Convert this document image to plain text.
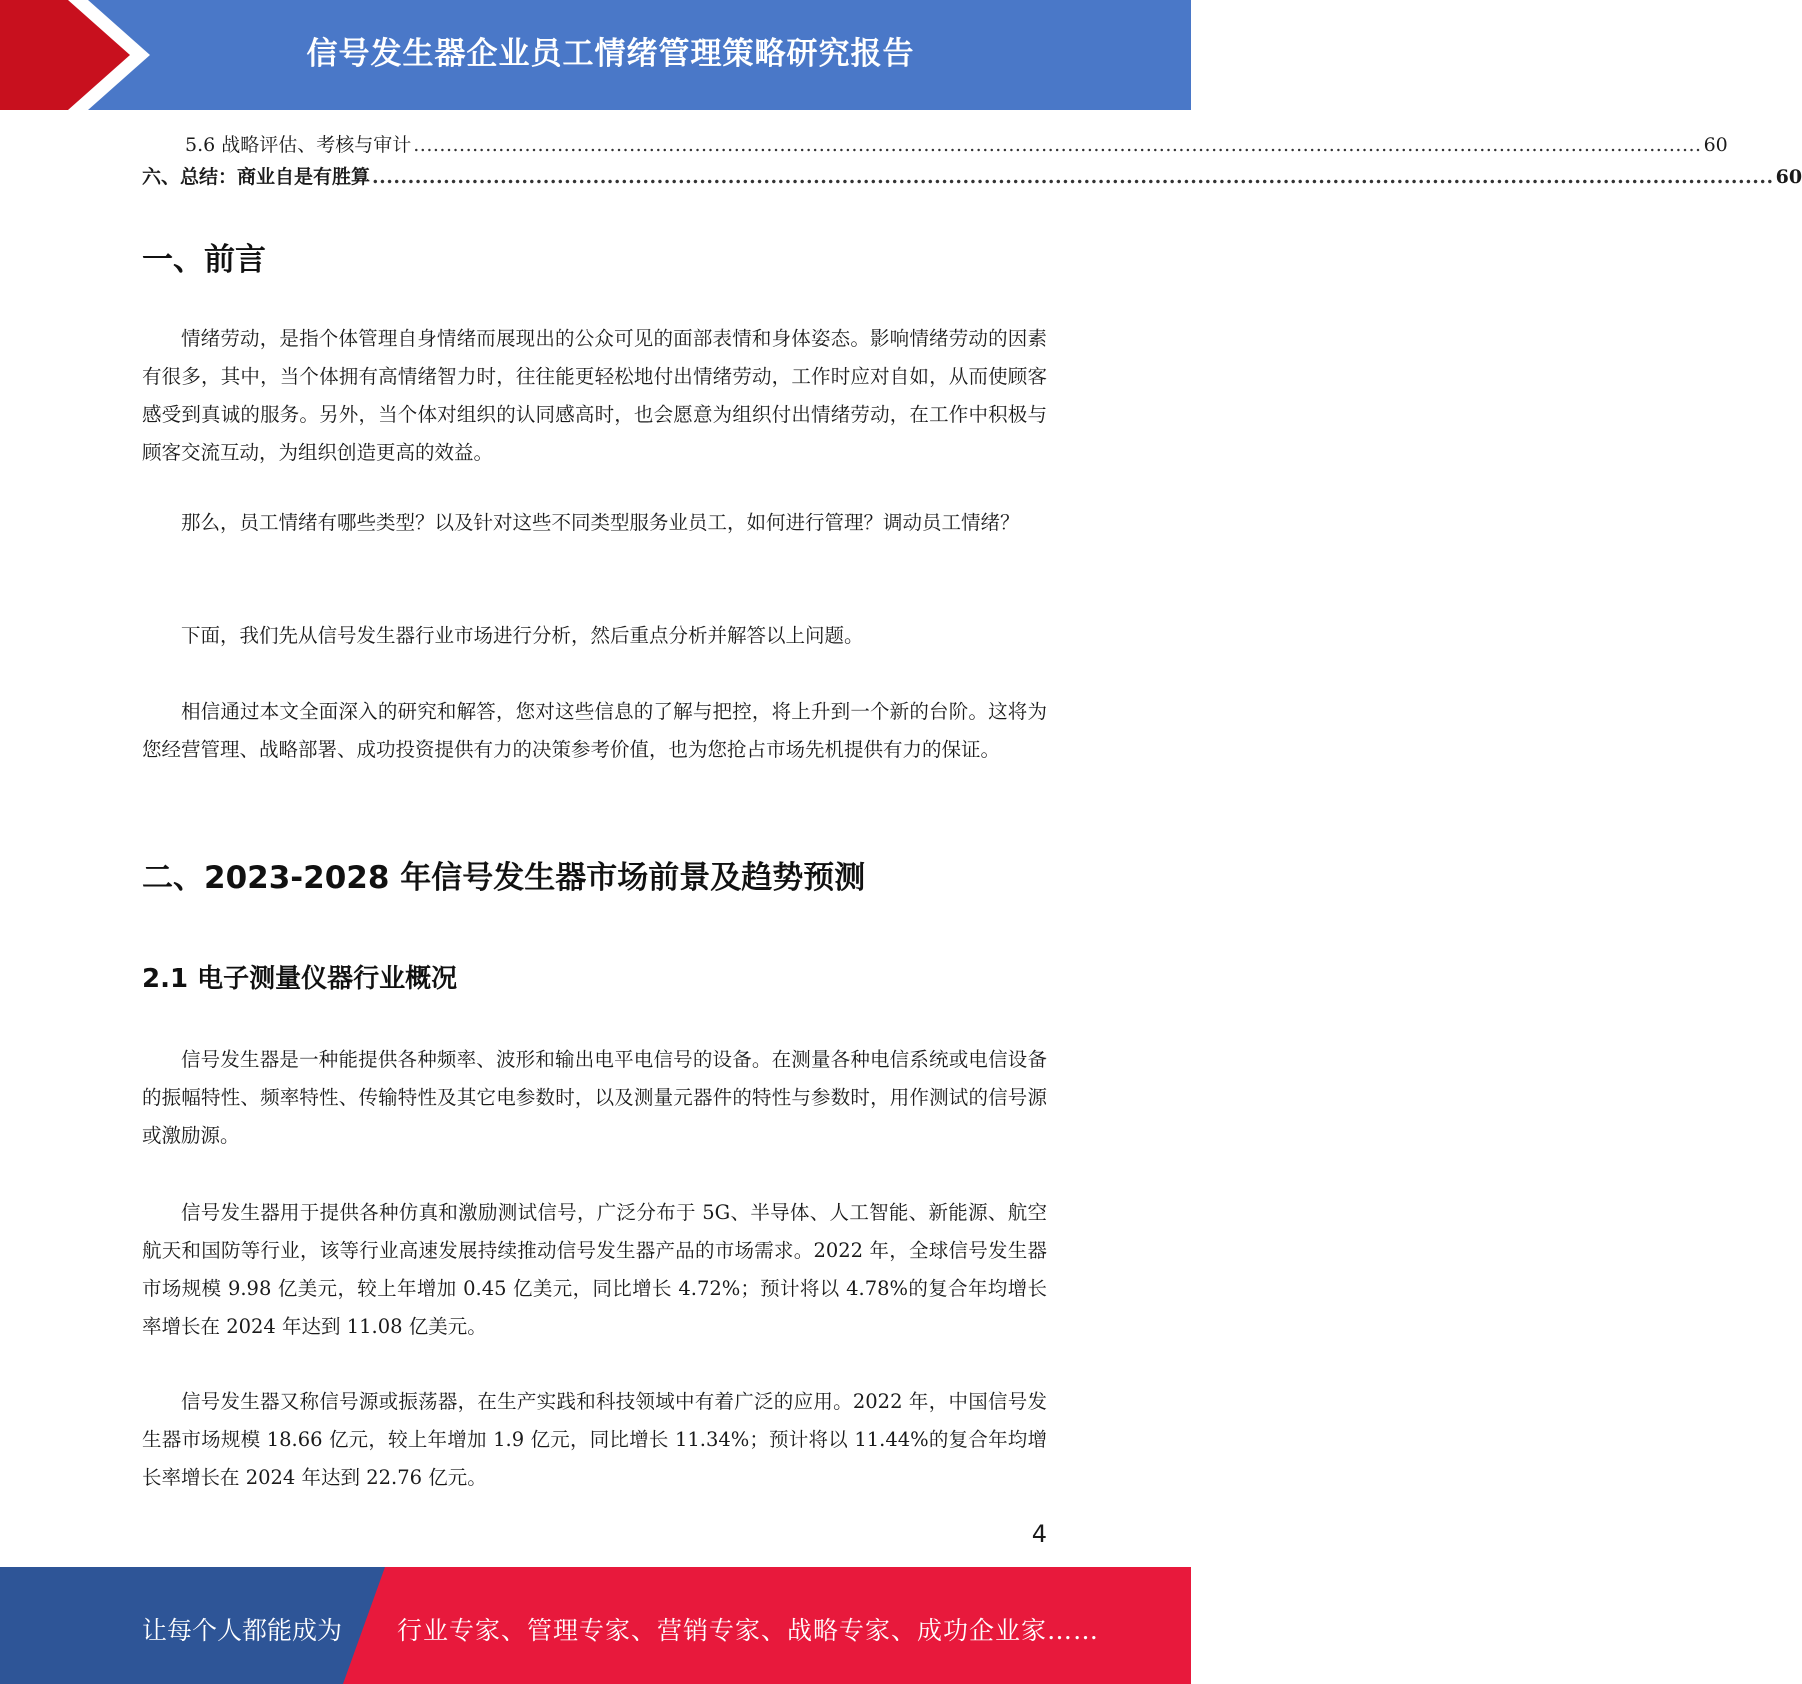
信号发生器企业员工情绪管理策略研究报告
5.6 战略评估、考核与审计 ..................................................................................................................................................................................................... 60
六、总结：商业自是有胜算 ..................................................................................................................................................................................................... 60
一、前言

情绪劳动，是指个体管理自身情绪而展现出的公众可见的面部表情和身体姿态。影响情绪劳动的因素有很多，其中，当个体拥有高情绪智力时，往往能更轻松地付出情绪劳动，工作时应对自如，从而使顾客感受到真诚的服务。另外，当个体对组织的认同感高时，也会愿意为组织付出情绪劳动，在工作中积极与顾客交流互动，为组织创造更高的效益。

那么，员工情绪有哪些类型？以及针对这些不同类型服务业员工，如何进行管理？调动员工情绪？

下面，我们先从信号发生器行业市场进行分析，然后重点分析并解答以上问题。

相信通过本文全面深入的研究和解答，您对这些信息的了解与把控，将上升到一个新的台阶。这将为您经营管理、战略部署、成功投资提供有力的决策参考价值，也为您抢占市场先机提供有力的保证。

二、2023-2028 年信号发生器市场前景及趋势预测
2.1 电子测量仪器行业概况

信号发生器是一种能提供各种频率、波形和输出电平电信号的设备。在测量各种电信系统或电信设备的振幅特性、频率特性、传输特性及其它电参数时，以及测量元器件的特性与参数时，用作测试的信号源或激励源。

信号发生器用于提供各种仿真和激励测试信号，广泛分布于 5G、半导体、人工智能、新能源、航空航天和国防等行业，该等行业高速发展持续推动信号发生器产品的市场需求。2022 年，全球信号发生器市场规模 9.98 亿美元，较上年增加 0.45 亿美元，同比增长 4.72%；预计将以 4.78%的复合年均增长率增长在 2024 年达到 11.08 亿美元。

信号发生器又称信号源或振荡器，在生产实践和科技领域中有着广泛的应用。2022 年，中国信号发生器市场规模 18.66 亿元，较上年增加 1.9 亿元，同比增长 11.34%；预计将以 11.44%的复合年均增长率增长在 2024 年达到 22.76 亿元。

4
让每个人都能成为 行业专家、管理专家、营销专家、战略专家、成功企业家……
